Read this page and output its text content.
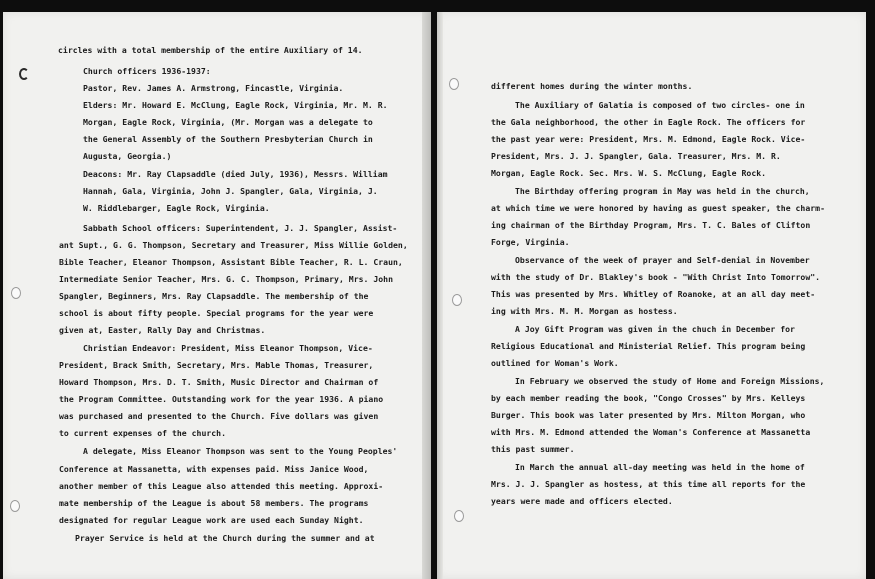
circles with a total membership of the entire Auxiliary of 14.
Church officers 1936-1937:
Pastor, Rev. James A. Armstrong, Fincastle, Virginia.
Elders: Mr. Howard E. McClung, Eagle Rock, Virginia, Mr. M. R.
Morgan, Eagle Rock, Virginia, (Mr. Morgan was a delegate to
the General Assembly of the Southern Presbyterian Church in
Augusta, Georgia.)
Deacons: Mr. Ray Clapsaddle (died July, 1936), Messrs. William
Hannah, Gala, Virginia, John J. Spangler, Gala, Virginia, J.
W. Riddlebarger, Eagle Rock, Virginia.
Sabbath School officers: Superintendent, J. J. Spangler, Assist-
ant Supt., G. G. Thompson, Secretary and Treasurer, Miss Willie Golden,
Bible Teacher, Eleanor Thompson, Assistant Bible Teacher, R. L. Craun,
Intermediate Senior Teacher, Mrs. G. C. Thompson, Primary, Mrs. John
Spangler, Beginners, Mrs. Ray Clapsaddle. The membership of the
school is about fifty people. Special programs for the year were
given at, Easter, Rally Day and Christmas.
Christian Endeavor: President, Miss Eleanor Thompson, Vice-
President, Brack Smith, Secretary, Mrs. Mable Thomas, Treasurer,
Howard Thompson, Mrs. D. T. Smith, Music Director and Chairman of
the Program Committee. Outstanding work for the year 1936. A piano
was purchased and presented to the Church. Five dollars was given
to current expenses of the church.
A delegate, Miss Eleanor Thompson was sent to the Young Peoples'
Conference at Massanetta, with expenses paid. Miss Janice Wood,
another member of this League also attended this meeting. Approxi-
mate membership of the League is about 58 members. The programs
designated for regular League work are used each Sunday Night.
Prayer Service is held at the Church during the summer and at
different homes during the winter months.
The Auxiliary of Galatia is composed of two circles- one in
the Gala neighborhood, the other in Eagle Rock. The officers for
the past year were: President, Mrs. M. Edmond, Eagle Rock. Vice-
President, Mrs. J. J. Spangler, Gala. Treasurer, Mrs. M. R.
Morgan, Eagle Rock. Sec. Mrs. W. S. McClung, Eagle Rock.
The Birthday offering program in May was held in the church,
at which time we were honored by having as guest speaker, the charm-
ing chairman of the Birthday Program, Mrs. T. C. Bales of Clifton
Forge, Virginia.
Observance of the week of prayer and Self-denial in November
with the study of Dr. Blakley's book - "With Christ Into Tomorrow".
This was presented by Mrs. Whitley of Roanoke, at an all day meet-
ing with Mrs. M. M. Morgan as hostess.
A Joy Gift Program was given in the chuch in December for
Religious Educational and Ministerial Relief. This program being
outlined for Woman's Work.
In February we observed the study of Home and Foreign Missions,
by each member reading the book, "Congo Crosses" by Mrs. Kelleys
Burger. This book was later presented by Mrs. Milton Morgan, who
with Mrs. M. Edmond attended the Woman's Conference at Massanetta
this past summer.
In March the annual all-day meeting was held in the home of
Mrs. J. J. Spangler as hostess, at this time all reports for the
years were made and officers elected.
